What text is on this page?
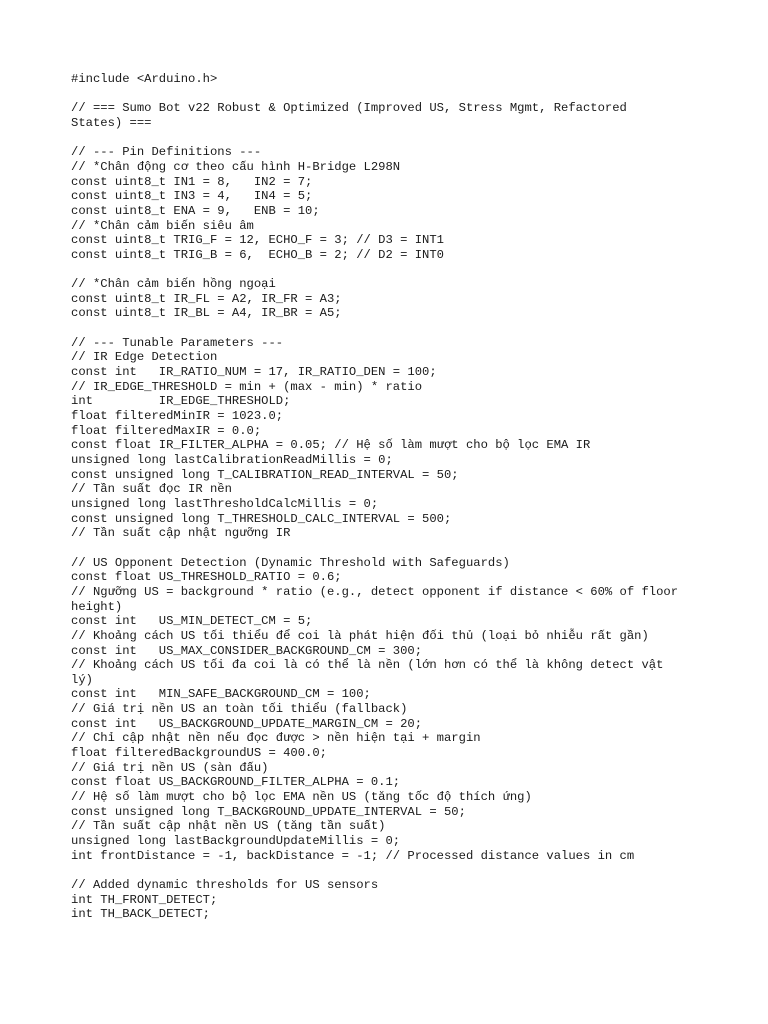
#include <Arduino.h>
// === Sumo Bot v22 Robust & Optimized (Improved US, Stress Mgmt, Refactored
States) ===
// --- Pin Definitions ---
// *Chân động cơ theo cấu hình H-Bridge L298N
const uint8_t IN1 = 8,   IN2 = 7;
const uint8_t IN3 = 4,   IN4 = 5;
const uint8_t ENA = 9,   ENB = 10;
// *Chân cảm biến siêu âm
const uint8_t TRIG_F = 12, ECHO_F = 3; // D3 = INT1
const uint8_t TRIG_B = 6,  ECHO_B = 2; // D2 = INT0
// *Chân cảm biến hồng ngoại
const uint8_t IR_FL = A2, IR_FR = A3;
const uint8_t IR_BL = A4, IR_BR = A5;
// --- Tunable Parameters ---
// IR Edge Detection
const int   IR_RATIO_NUM = 17, IR_RATIO_DEN = 100;
// IR_EDGE_THRESHOLD = min + (max - min) * ratio
int         IR_EDGE_THRESHOLD;
float filteredMinIR = 1023.0;
float filteredMaxIR = 0.0;
const float IR_FILTER_ALPHA = 0.05; // Hệ số làm mượt cho bộ lọc EMA IR
unsigned long lastCalibrationReadMillis = 0;
const unsigned long T_CALIBRATION_READ_INTERVAL = 50;
// Tần suất đọc IR nền
unsigned long lastThresholdCalcMillis = 0;
const unsigned long T_THRESHOLD_CALC_INTERVAL = 500;
// Tần suất cập nhật ngưỡng IR
// US Opponent Detection (Dynamic Threshold with Safeguards)
const float US_THRESHOLD_RATIO = 0.6;
// Ngưỡng US = background * ratio (e.g., detect opponent if distance < 60% of floor
height)
const int   US_MIN_DETECT_CM = 5;
// Khoảng cách US tối thiểu để coi là phát hiện đối thủ (loại bỏ nhiễu rất gần)
const int   US_MAX_CONSIDER_BACKGROUND_CM = 300;
// Khoảng cách US tối đa coi là có thể là nền (lớn hơn có thể là không detect vật
lý)
const int   MIN_SAFE_BACKGROUND_CM = 100;
// Giá trị nền US an toàn tối thiểu (fallback)
const int   US_BACKGROUND_UPDATE_MARGIN_CM = 20;
// Chỉ cập nhật nền nếu đọc được > nền hiện tại + margin
float filteredBackgroundUS = 400.0;
// Giá trị nền US (sàn đấu)
const float US_BACKGROUND_FILTER_ALPHA = 0.1;
// Hệ số làm mượt cho bộ lọc EMA nền US (tăng tốc độ thích ứng)
const unsigned long T_BACKGROUND_UPDATE_INTERVAL = 50;
// Tần suất cập nhật nền US (tăng tần suất)
unsigned long lastBackgroundUpdateMillis = 0;
int frontDistance = -1, backDistance = -1; // Processed distance values in cm
// Added dynamic thresholds for US sensors
int TH_FRONT_DETECT;
int TH_BACK_DETECT;
